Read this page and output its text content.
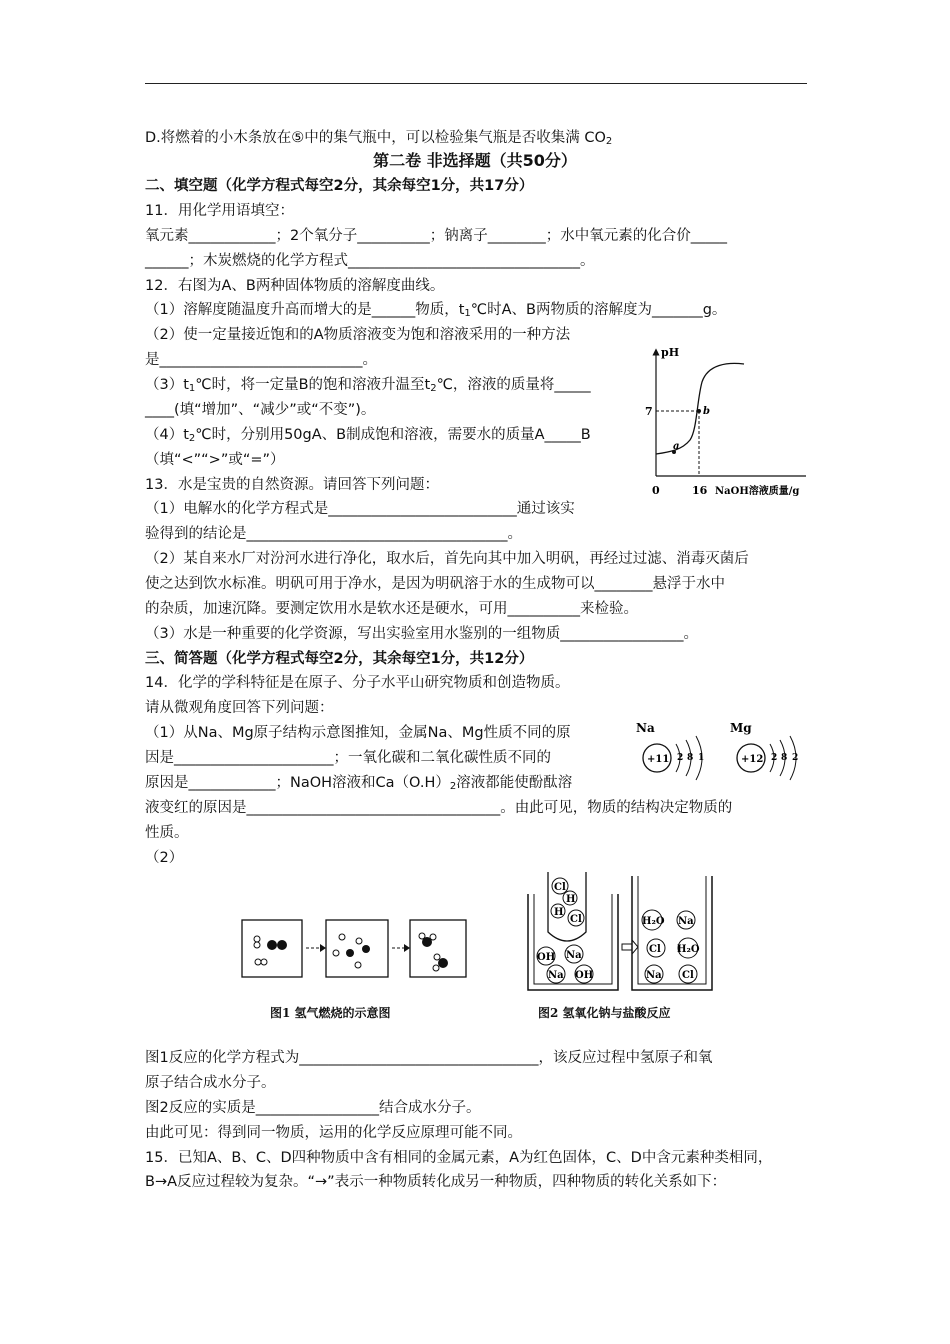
D.将燃着的小木条放在⑤中的集气瓶中，可以检验集气瓶是否收集满 $CO_2$
第二卷 非选择题（共50分）
二、填空题（化学方程式每空2分，其余每空1分，共17分）
11．用化学用语填空：
氧元素____________；2个氧分子__________；钠离子________；水中氧元素的化合价_____
______；木炭燃烧的化学方程式________________________________。
12．右图为A、B两种固体物质的溶解度曲线。
（1）溶解度随温度升高而增大的是______物质，$t_1℃$时A、B两物质的溶解度为_______g。
（2）使一定量接近饱和的A物质溶液变为饱和溶液采用的一种方法
是____________________________。
$(3)t_1℃$时，将一定量B的饱和溶液升温至$t_2℃$，溶液的质量将_____
____(填“增加”、“减少”或“不变”)。
$(4)t_2℃$时，分别用50gA、B制成饱和溶液，需要水的质量A_____B
（填“<”“>”或“=”）
13．水是宝贵的自然资源。请回答下列问题：
（1）电解水的化学方程式是__________________________通过该实
验得到的结论是____________________________________。
（2）某自来水厂对汾河水进行净化，取水后，首先向其中加入明矾，再经过过滤、消毒灭菌后
使之达到饮水标准。明矾可用于净水，是因为明矾溶于水的生成物可以________悬浮于水中
的杂质，加速沉降。要测定饮用水是软水还是硬水，可用__________来检验。
（3）水是一种重要的化学资源，写出实验室用水鉴别的一组物质_________________。
三、简答题（化学方程式每空2分，其余每空1分，共12分）
14．化学的学科特征是在原子、分子水平山研究物质和创造物质。
请从微观角度回答下列问题：
（1）从Na、Mg原子结构示意图推知，金属Na、Mg性质不同的原
因是______________________；一氧化碳和二氧化碳性质不同的
原因是____________；NaOH溶液和$Ca(O.H)_2$溶液都能使酚酞溶
液变红的原因是___________________________________。由此可见，物质的结构决定物质的
性质。
（2）
图1反应的化学方程式为_________________________________，该反应过程中氢原子和氧
原子结合成水分子。
图2反应的实质是_________________结合成水分子。
由此可见：得到同一物质，运用的化学反应原理可能不同。
15．已知A、B、C、D四种物质中含有相同的金属元素，A为红色固体，C、D中含元素种类相同，
B→A反应过程较为复杂。“→”表示一种物质转化成另一种物质，四种物质的转化关系如下：
pH
7
a
b
0	16 NaOH溶液质量/g
Na
+11 2 8 1
Mg
+12 2 8 2
图1 氢气燃烧的示意图
Cl
H
H
Cl
OH Na
Na OH
H₂O Na
Cl H₂O
Na Cl
图2 氢氧化钠与盐酸反应
